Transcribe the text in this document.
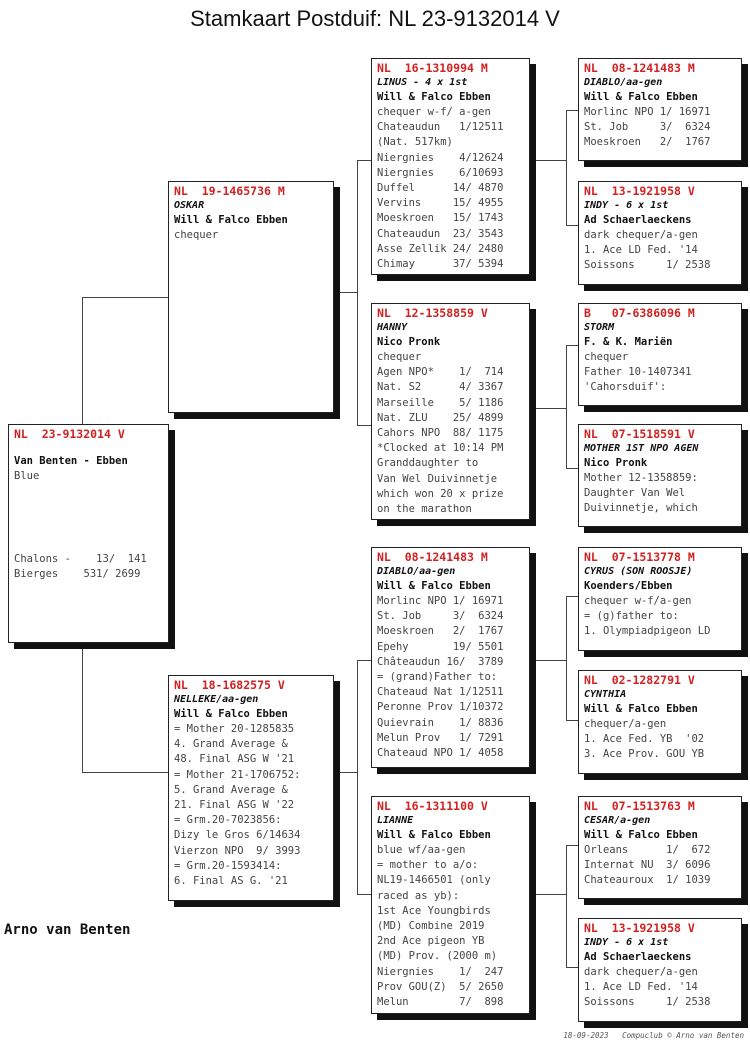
Stamkaart Postduif: NL 23-9132014 V
NL  23-9132014 V
Van Benten - Ebben
Blue
Chalons -    13/  141
Bierges    531/ 2699
NL  19-1465736 M
OSKAR
Will & Falco Ebben
chequer
NL  18-1682575 V
NELLEKE/aa-gen
Will & Falco Ebben
= Mother 20-1285835
4. Grand Average &
48. Final ASG W '21
= Mother 21-1706752:
5. Grand Average &
21. Final ASG W '22
= Grm.20-7023856:
Dizy le Gros 6/14634
Vierzon NPO  9/ 3993
= Grm.20-1593414:
6. Final AS G. '21
NL  16-1310994 M
LINUS - 4 x 1st
Will & Falco Ebben
chequer w-f/ a-gen
Chateaudun   1/12511
(Nat. 517km)
Niergnies    4/12624
Niergnies    6/10693
Duffel      14/ 4870
Vervins     15/ 4955
Moeskroen   15/ 1743
Chateaudun  23/ 3543
Asse Zellik 24/ 2480
Chimay      37/ 5394
NL  12-1358859 V
HANNY
Nico Pronk
chequer
Agen NPO*    1/  714
Nat. S2      4/ 3367
Marseille    5/ 1186
Nat. ZLU    25/ 4899
Cahors NPO  88/ 1175
*Clocked at 10:14 PM
Granddaughter to
Van Wel Duivinnetje
which won 20 x prize
on the marathon
NL  08-1241483 M
DIABLO/aa-gen
Will & Falco Ebben
Morlinc NPO 1/ 16971
St. Job     3/  6324
Moeskroen   2/  1767
Epehy       19/ 5501
Châteaudun 16/  3789
= (grand)Father to:
Chateaud Nat 1/12511
Peronne Prov 1/10372
Quievrain    1/ 8836
Melun Prov   1/ 7291
Chateaud NPO 1/ 4058
NL  16-1311100 V
LIANNE
Will & Falco Ebben
blue wf/aa-gen
= mother to a/o:
NL19-1466501 (only
raced as yb):
1st Ace Youngbirds
(MD) Combine 2019
2nd Ace pigeon YB
(MD) Prov. (2000 m)
Niergnies    1/  247
Prov GOU(Z)  5/ 2650
Melun        7/  898
NL  08-1241483 M
DIABLO/aa-gen
Will & Falco Ebben
Morlinc NPO 1/ 16971
St. Job     3/  6324
Moeskroen   2/  1767
NL  13-1921958 V
INDY - 6 x 1st
Ad Schaerlaeckens
dark chequer/a-gen
1. Ace LD Fed. '14
Soissons     1/ 2538
B   07-6386096 M
STORM
F. & K. Mariën
chequer
Father 10-1407341
'Cahorsduif':
NL  07-1518591 V
MOTHER 1ST NPO AGEN
Nico Pronk
Mother 12-1358859:
Daughter Van Wel
Duivinnetje, which
NL  07-1513778 M
CYRUS (SON ROOSJE)
Koenders/Ebben
chequer w-f/a-gen
= (g)father to:
1. Olympiadpigeon LD
NL  02-1282791 V
CYNTHIA
Will & Falco Ebben
chequer/a-gen
1. Ace Fed. YB  '02
3. Ace Prov. GOU YB
NL  07-1513763 M
CESAR/a-gen
Will & Falco Ebben
Orleans      1/  672
Internat NU  3/ 6096
Chateauroux  1/ 1039
NL  13-1921958 V
INDY - 6 x 1st
Ad Schaerlaeckens
dark chequer/a-gen
1. Ace LD Fed. '14
Soissons     1/ 2538

Arno van Benten

18-09-2023   Compuclub © Arno van Benten
